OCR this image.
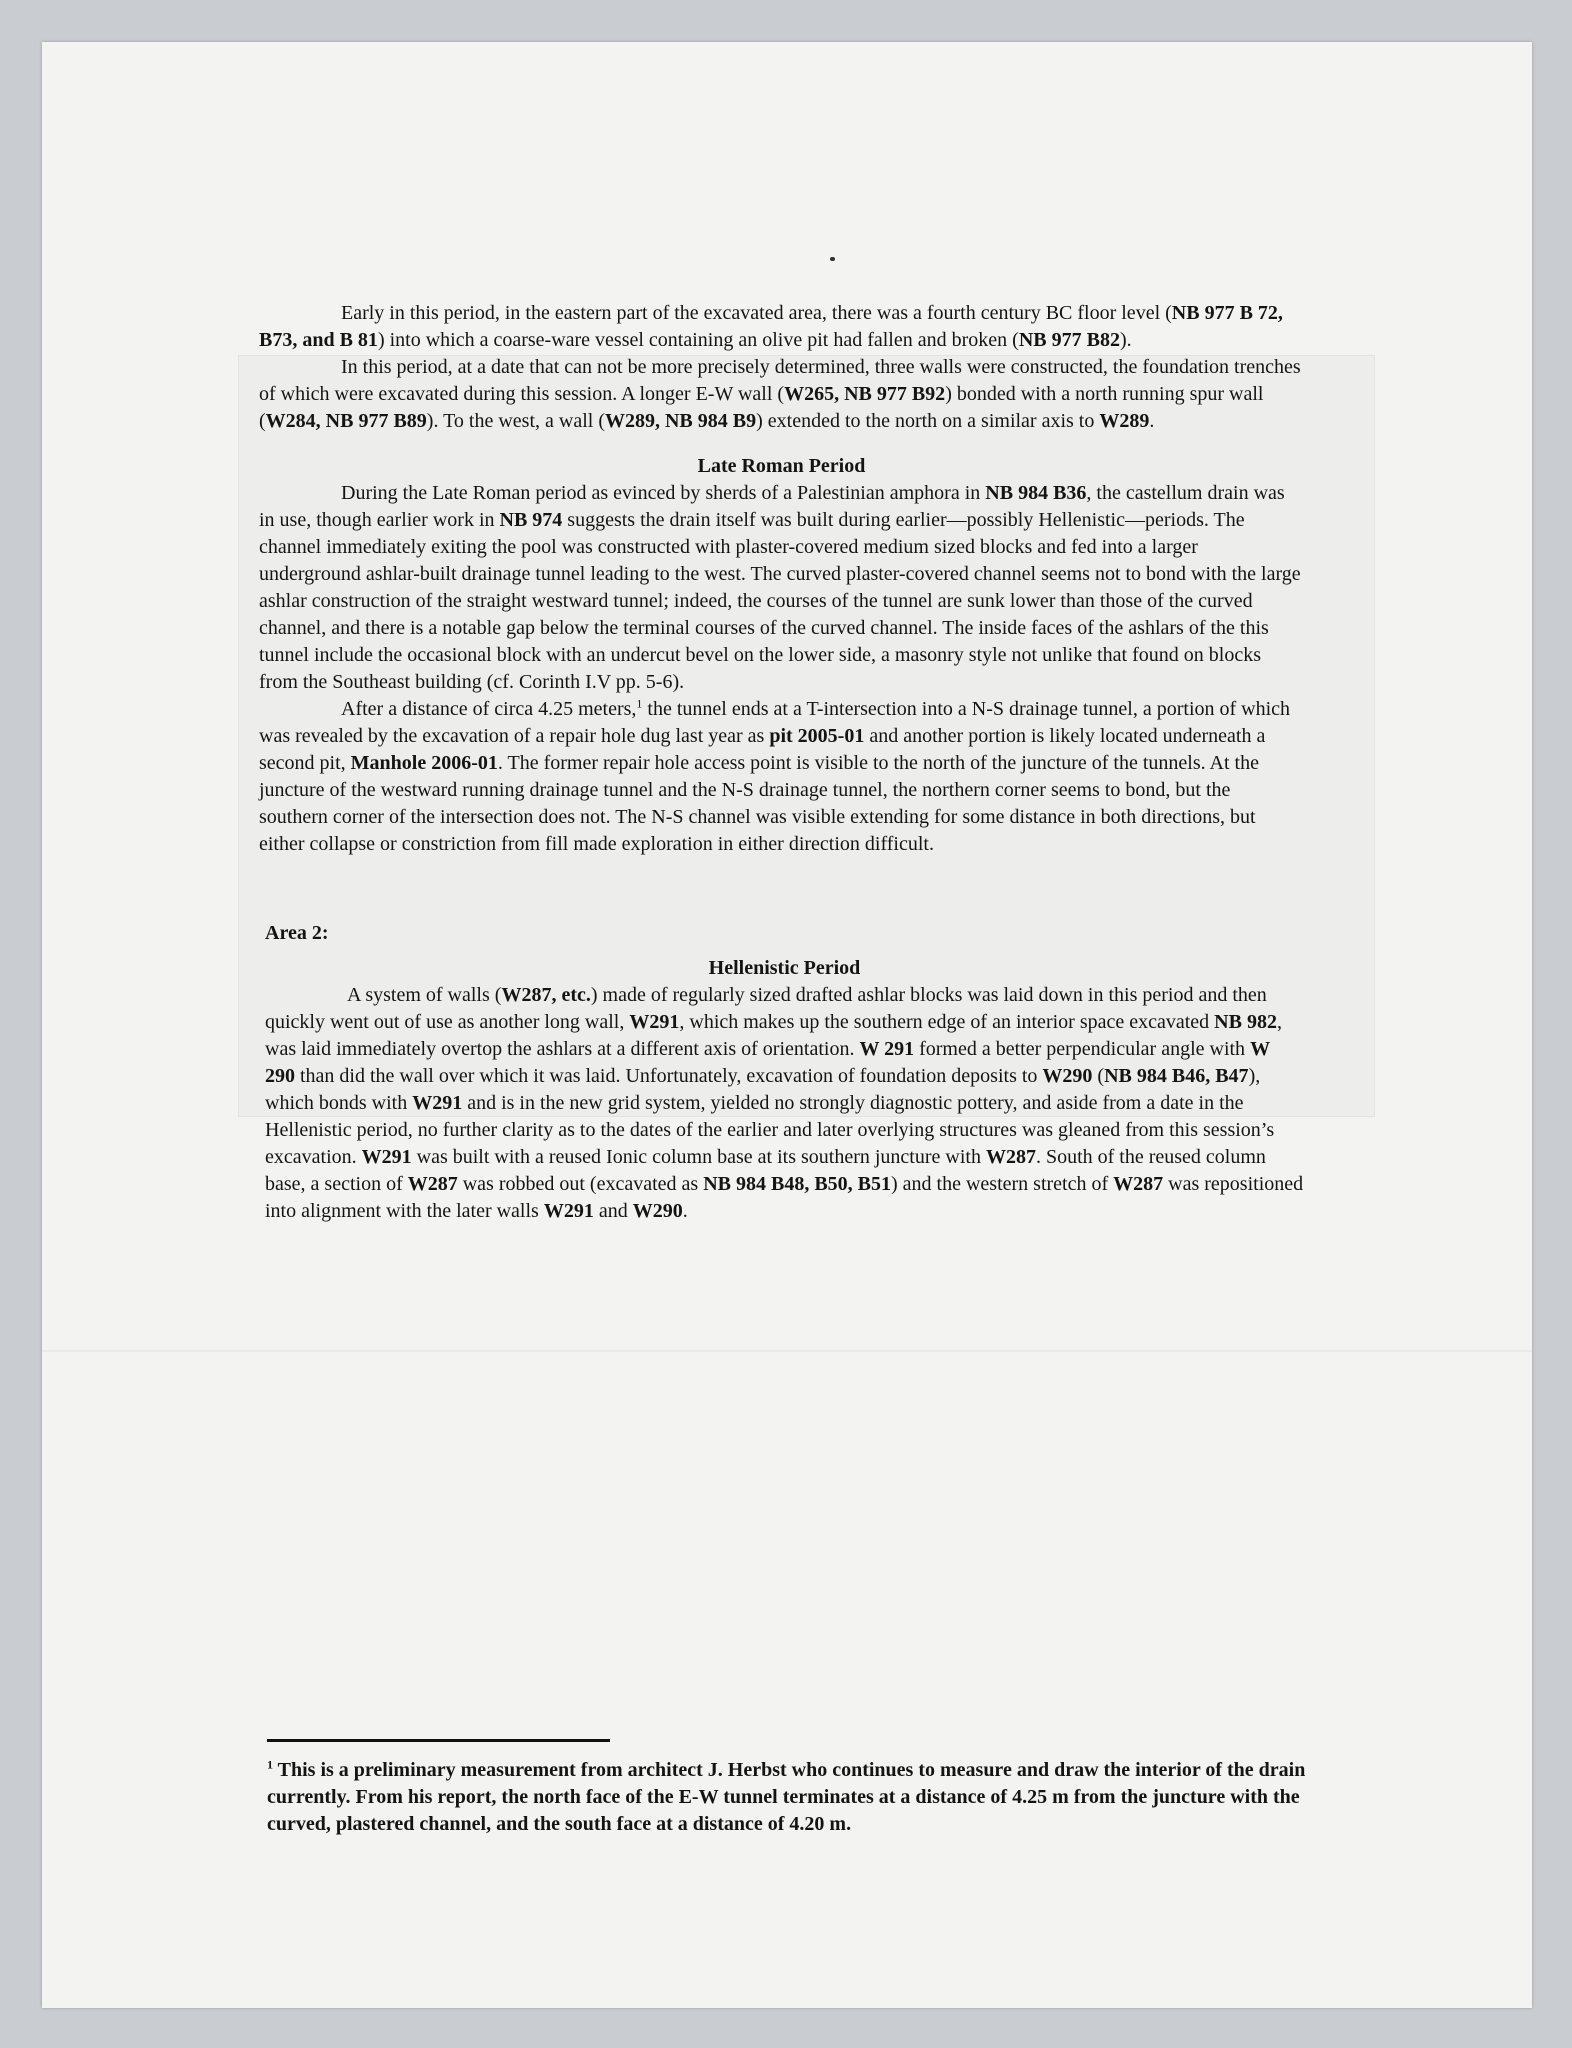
Early in this period, in the eastern part of the excavated area, there was a fourth century BC floor level (NB 977 B 72, B73, and B 81) into which a coarse-ware vessel containing an olive pit had fallen and broken (NB 977 B82).

In this period, at a date that can not be more precisely determined, three walls were constructed, the foundation trenches of which were excavated during this session. A longer E-W wall (W265, NB 977 B92) bonded with a north running spur wall (W284, NB 977 B89). To the west, a wall (W289, NB 984 B9) extended to the north on a similar axis to W289.

Late Roman Period

During the Late Roman period as evinced by sherds of a Palestinian amphora in NB 984 B36, the castellum drain was in use, though earlier work in NB 974 suggests the drain itself was built during earlier—possibly Hellenistic—periods. The channel immediately exiting the pool was constructed with plaster-covered medium sized blocks and fed into a larger underground ashlar-built drainage tunnel leading to the west. The curved plaster-covered channel seems not to bond with the large ashlar construction of the straight westward tunnel; indeed, the courses of the tunnel are sunk lower than those of the curved channel, and there is a notable gap below the terminal courses of the curved channel. The inside faces of the ashlars of the this tunnel include the occasional block with an undercut bevel on the lower side, a masonry style not unlike that found on blocks from the Southeast building (cf. Corinth I.V pp. 5-6).

After a distance of circa 4.25 meters,$^1$ the tunnel ends at a T-intersection into a N-S drainage tunnel, a portion of which was revealed by the excavation of a repair hole dug last year as pit 2005-01 and another portion is likely located underneath a second pit, Manhole 2006-01. The former repair hole access point is visible to the north of the juncture of the tunnels. At the juncture of the westward running drainage tunnel and the N-S drainage tunnel, the northern corner seems to bond, but the southern corner of the intersection does not. The N-S channel was visible extending for some distance in both directions, but either collapse or constriction from fill made exploration in either direction difficult.

Area 2:
Hellenistic Period

A system of walls (W287, etc.) made of regularly sized drafted ashlar blocks was laid down in this period and then quickly went out of use as another long wall, W291, which makes up the southern edge of an interior space excavated NB 982, was laid immediately overtop the ashlars at a different axis of orientation. W 291 formed a better perpendicular angle with W 290 than did the wall over which it was laid. Unfortunately, excavation of foundation deposits to W290 (NB 984 B46, B47), which bonds with W291 and is in the new grid system, yielded no strongly diagnostic pottery, and aside from a date in the Hellenistic period, no further clarity as to the dates of the earlier and later overlying structures was gleaned from this session’s excavation. W291 was built with a reused Ionic column base at its southern juncture with W287. South of the reused column base, a section of W287 was robbed out (excavated as NB 984 B48, B50, B51) and the western stretch of W287 was repositioned into alignment with the later walls W291 and W290.

$^1$ This is a preliminary measurement from architect J. Herbst who continues to measure and draw the interior of the drain currently. From his report, the north face of the E-W tunnel terminates at a distance of 4.25 m from the juncture with the curved, plastered channel, and the south face at a distance of 4.20 m.
